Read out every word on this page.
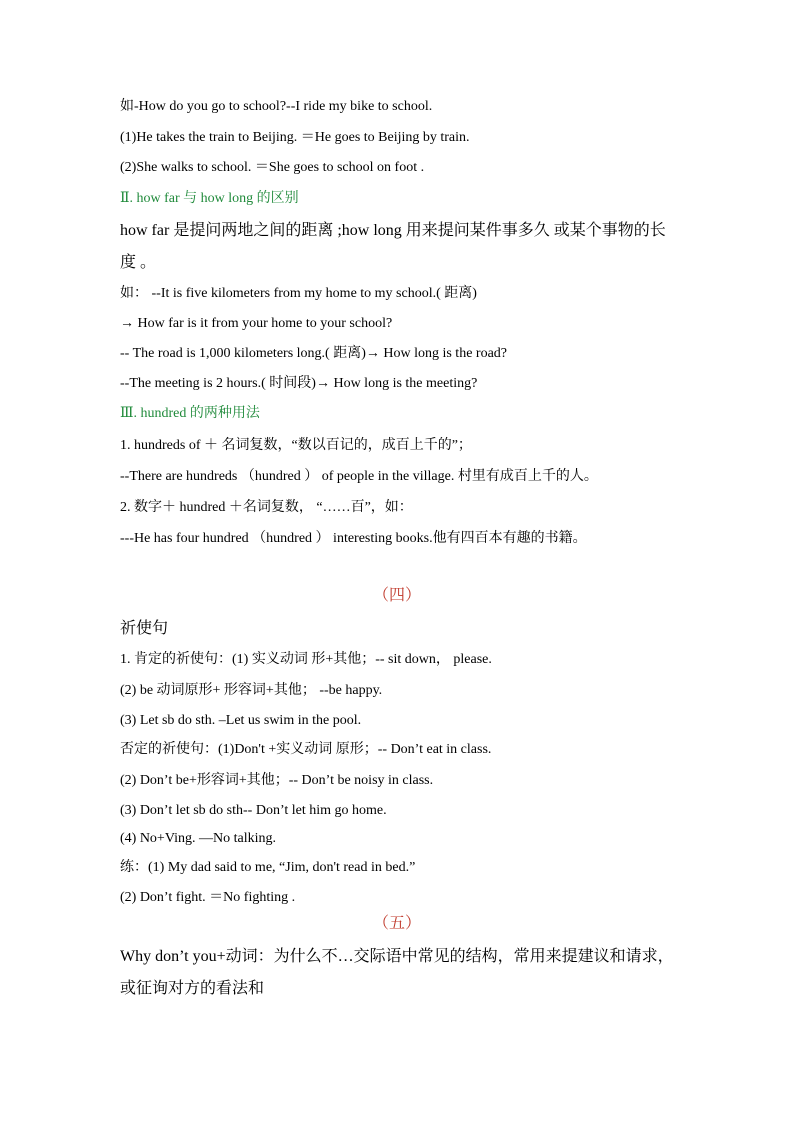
如-How do you go to school?--I ride my bike to school.
(1)He takes the train to Beijing. ＝He goes to Beijing by train.
(2)She walks to school. ＝She goes to school on foot .
Ⅱ. how far 与 how long 的区别
how far 是提问两地之间的距离 ;how long 用来提问某件事多久 或某个事物的长
度 。
如： --It is five kilometers from my home to my school.( 距离)
→ How far is it from your home to your school?
-- The road is 1,000 kilometers long.( 距离)→ How long is the road?
--The meeting is 2 hours.( 时间段)→ How long is the meeting?
Ⅲ. hundred 的两种用法
1. hundreds of ＋ 名词复数，“数以百记的，成百上千的”；
--There are hundreds （hundred ） of people in the village. 村里有成百上千的人。
2. 数字＋ hundred ＋名词复数， “……百”，如：
---He has four hundred （hundred ） interesting books.他有四百本有趣的书籍。
（四）
祈使句
1. 肯定的祈使句：(1) 实义动词 形+其他；-- sit down， please.
(2) be 动词原形+ 形容词+其他； --be happy.
(3) Let sb do sth. –Let us swim in the pool.
否定的祈使句：(1)Don't +实义动词 原形；-- Don’t eat in class.
(2) Don’t be+形容词+其他；-- Don’t be noisy in class.
(3) Don’t let sb do sth-- Don’t let him go home.
(4) No+Ving. —No talking.
练：(1) My dad said to me, “Jim, don't read in bed.”
(2) Don’t fight. ＝No fighting .
（五）
Why don’t you+动词：为什么不…交际语中常见的结构，常用来提建议和请求，
或征询对方的看法和
